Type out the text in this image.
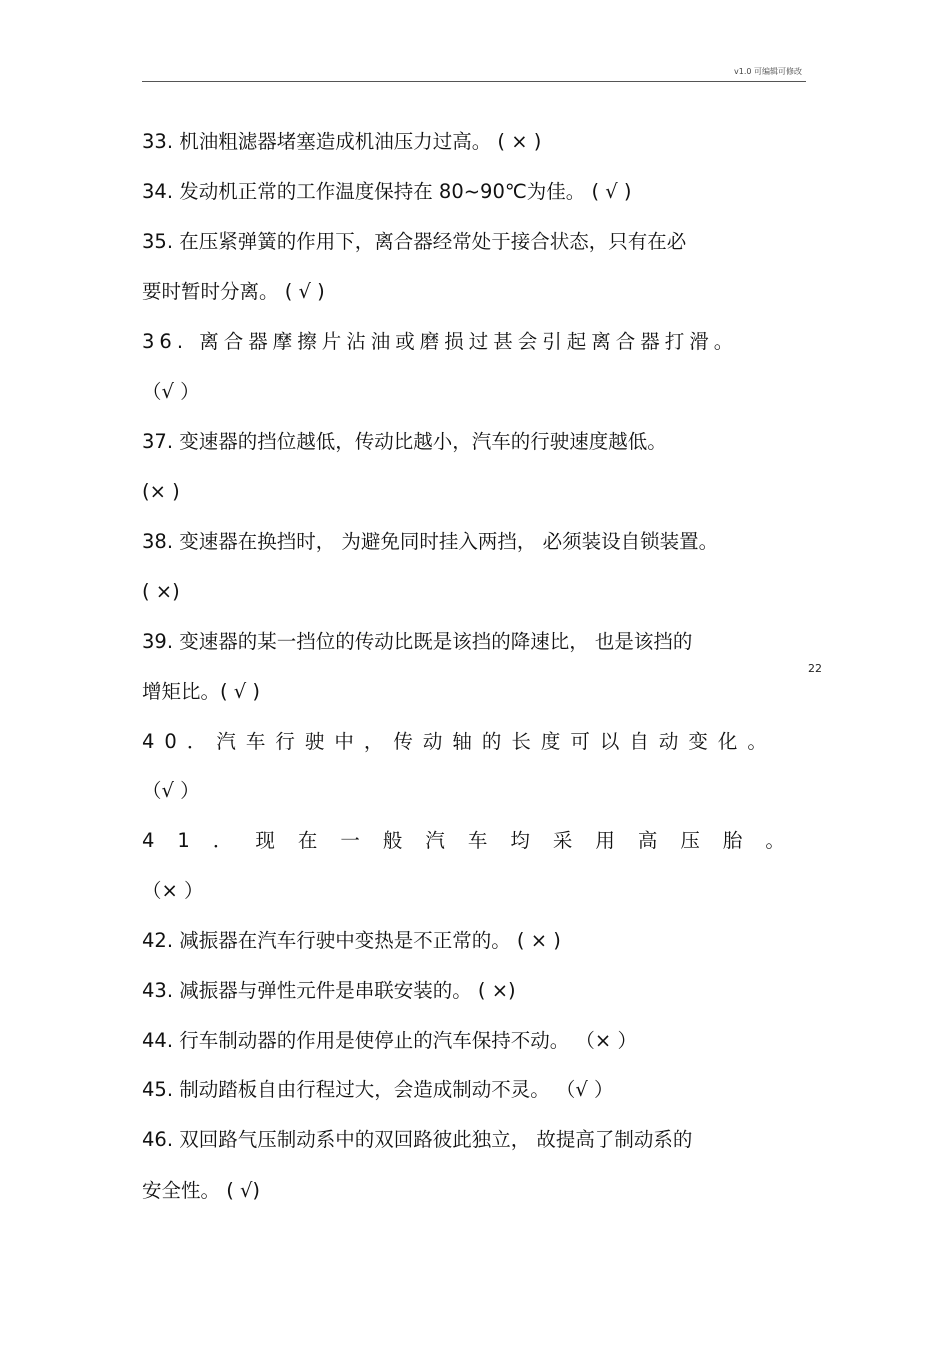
v1.0 可编辑可修改
33. 机油粗滤器堵塞造成机油压力过高。 ( × )
34. 发动机正常的工作温度保持在 80~90℃为佳。 ( √ )
35. 在压紧弹簧的作用下，离合器经常处于接合状态，只有在必
要时暂时分离。 ( √ )
36. 离合器摩擦片沾油或磨损过甚会引起离合器打滑。
（√ ）
37. 变速器的挡位越低，传动比越小，汽车的行驶速度越低。
(× )
38. 变速器在换挡时， 为避免同时挂入两挡， 必须装设自锁装置。
( ×)
39. 变速器的某一挡位的传动比既是该挡的降速比， 也是该挡的
增矩比。( √ )
40．汽车行驶中，传动轴的长度可以自动变化。
（√ ）
41．现在一般汽车均采用高压胎。
（× ）
42. 减振器在汽车行驶中变热是不正常的。 ( × )
43. 减振器与弹性元件是串联安装的。 ( ×)
44. 行车制动器的作用是使停止的汽车保持不动。 （× ）
45. 制动踏板自由行程过大，会造成制动不灵。 （√ ）
46. 双回路气压制动系中的双回路彼此独立， 故提高了制动系的
安全性。 ( √)
22
